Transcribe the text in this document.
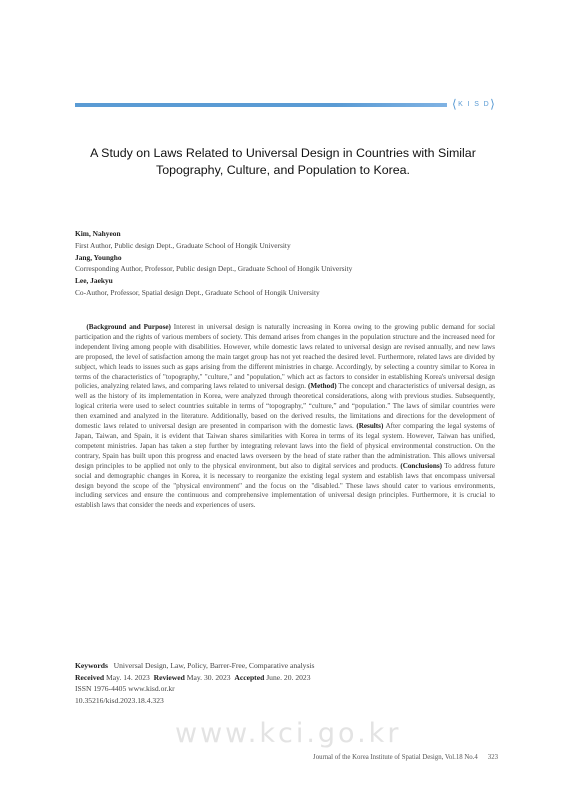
⟨ K I S D ⟩
A Study on Laws Related to Universal Design in Countries with Similar
Topography, Culture, and Population to Korea.
Kim, Nahyeon
First Author, Public design Dept., Graduate School of Hongik University
Jang, Youngho
Corresponding Author, Professor, Public design Dept., Graduate School of Hongik University
Lee, Jaekyu
Co-Author, Professor, Spatial design Dept., Graduate School of Hongik University
(Background and Purpose) Interest in universal design is naturally increasing in Korea owing to the growing public demand for social participation and the rights of various members of society. This demand arises from changes in the population structure and the increased need for independent living among people with disabilities. However, while domestic laws related to universal design are revised annually, and new laws are proposed, the level of satisfaction among the main target group has not yet reached the desired level. Furthermore, related laws are divided by subject, which leads to issues such as gaps arising from the different ministries in charge. Accordingly, by selecting a country similar to Korea in terms of the characteristics of "topography," "culture," and "population," which act as factors to consider in establishing Korea's universal design policies, analyzing related laws, and comparing laws related to universal design. (Method) The concept and characteristics of universal design, as well as the history of its implementation in Korea, were analyzed through theoretical considerations, along with previous studies. Subsequently, logical criteria were used to select countries suitable in terms of “topography,” “culture,” and “population.” The laws of similar countries were then examined and analyzed in the literature. Additionally, based on the derived results, the limitations and directions for the development of domestic laws related to universal design are presented in comparison with the domestic laws. (Results) After comparing the legal systems of Japan, Taiwan, and Spain, it is evident that Taiwan shares similarities with Korea in terms of its legal system. However, Taiwan has unified, competent ministries. Japan has taken a step further by integrating relevant laws into the field of physical environmental construction. On the contrary, Spain has built upon this progress and enacted laws overseen by the head of state rather than the administration. This allows universal design principles to be applied not only to the physical environment, but also to digital services and products. (Conclusions) To address future social and demographic changes in Korea, it is necessary to reorganize the existing legal system and establish laws that encompass universal design beyond the scope of the "physical environment" and the focus on the "disabled." These laws should cater to various environments, including services and ensure the continuous and comprehensive implementation of universal design principles. Furthermore, it is crucial to establish laws that consider the needs and experiences of users.
Keywords Universal Design, Law, Policy, Barrer-Free, Comparative analysis
Received May. 14. 2023 Reviewed May. 30. 2023 Accepted June. 20. 2023
ISSN 1976-4405 www.kisd.or.kr
10.35216/kisd.2023.18.4.323
www.kci.go.kr
Journal of the Korea Institute of Spatial Design, Vol.18 No.4 323
